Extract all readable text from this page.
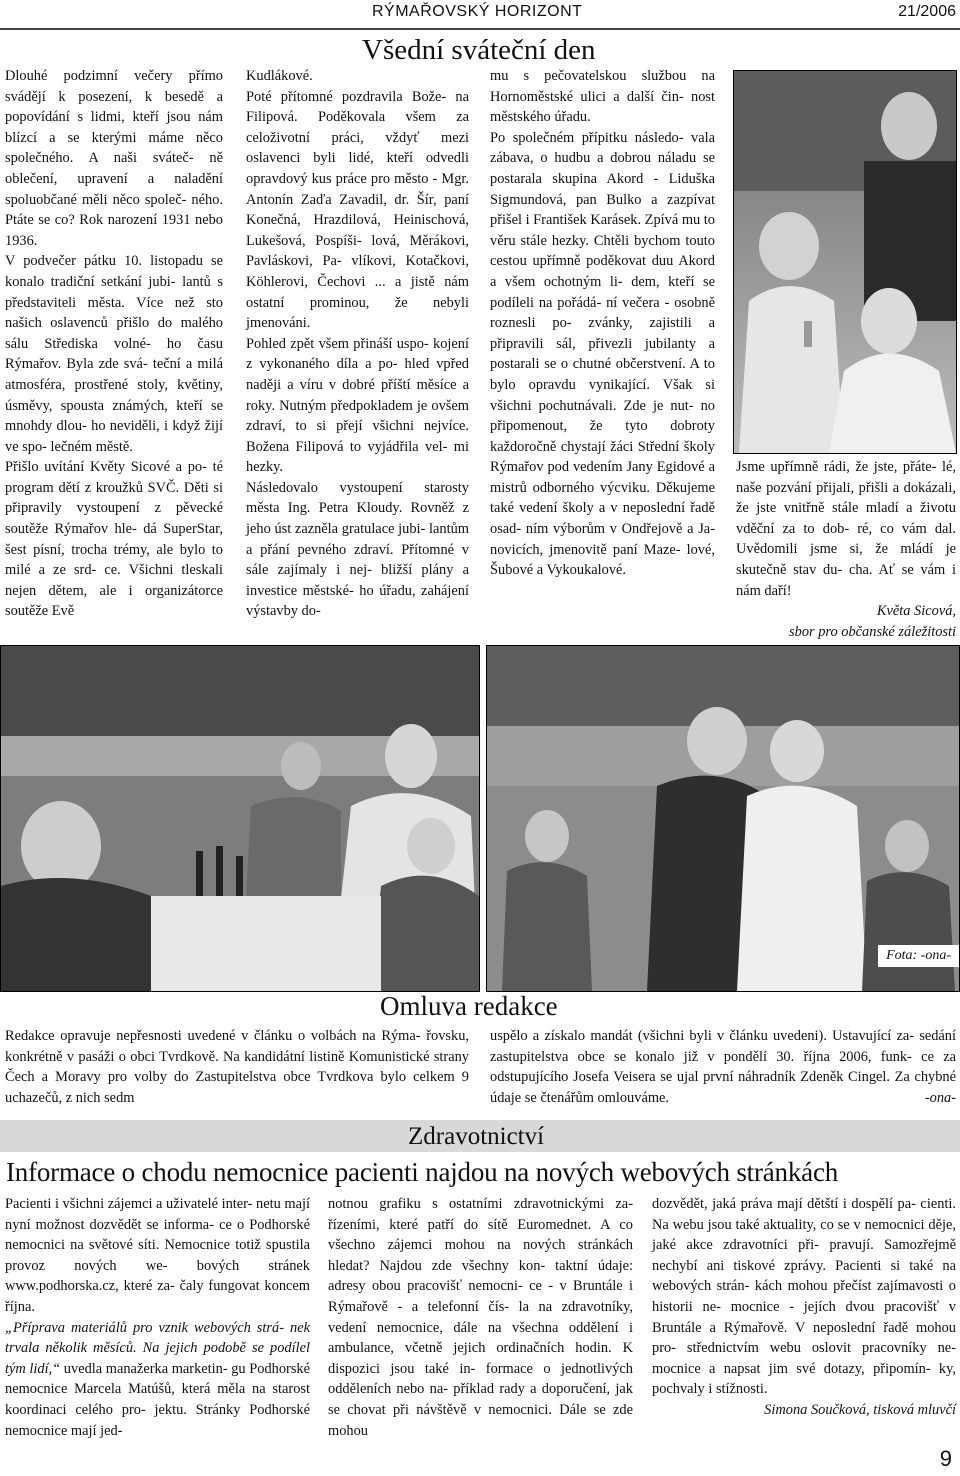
RÝMAŘOVSKÝ HORIZONT	21/2006
Všední sváteční den

Dlouhé podzimní večery přímo svádějí k posezení, k besedě a popovídání s lidmi, kteří jsou nám blízcí a se kterými máme něco společného. A naši sváteč- ně oblečení, upravení a naladění spoluobčané měli něco společ- ného. Ptáte se co? Rok narození 1931 nebo 1936.

V podvečer pátku 10. listopadu se konalo tradiční setkání jubi- lantů s představiteli města. Více než sto našich oslavenců přišlo do malého sálu Střediska volné- ho času Rýmařov. Byla zde svá- teční a milá atmosféra, prostřené stoly, květiny, úsměvy, spousta známých, kteří se mnohdy dlou- ho neviděli, i když žijí ve spo- lečném městě.

Přišlo uvítání Květy Sicové a po- té program dětí z kroužků SVČ. Děti si připravily vystoupení z pěvecké soutěže Rýmařov hle- dá SuperStar, šest písní, trocha trémy, ale bylo to milé a ze srd- ce. Všichni tleskali nejen dětem, ale i organizátorce soutěže Evě

Kudlákové.

Poté přítomné pozdravila Bože- na Filipová. Poděkovala všem za celoživotní práci, vždyť mezi oslavenci byli lidé, kteří odvedli opravdový kus práce pro město - Mgr. Antonín Zaďa Zavadil, dr. Šír, paní Konečná, Hrazdilová, Heinischová, Lukešová, Pospíši- lová, Měrákovi, Pavláskovi, Pa- vlíkovi, Kotačkovi, Köhlerovi, Čechovi ... a jistě nám ostatní prominou, že nebyli jmenováni.

Pohled zpět všem přináší uspo- kojení z vykonaného díla a po- hled vpřed naději a víru v dobré příští měsíce a roky. Nutným předpokladem je ovšem zdraví, to si přejí všichni nejvíce. Božena Filipová to vyjádřila vel- mi hezky.

Následovalo vystoupení starosty města Ing. Petra Kloudy. Rovněž z jeho úst zazněla gratulace jubi- lantům a přání pevného zdraví. Přítomné v sále zajímaly i nej- bližší plány a investice městské- ho úřadu, zahájení výstavby do-

mu s pečovatelskou službou na Hornoměstské ulici a další čin- nost městského úřadu.

Po společném přípitku následo- vala zábava, o hudbu a dobrou náladu se postarala skupina Akord - Liduška Sigmundová, pan Bulko a zazpívat přišel i František Karásek. Zpívá mu to věru stále hezky. Chtěli bychom touto cestou upřímně poděkovat duu Akord a všem ochotným li- dem, kteří se podíleli na pořádá- ní večera - osobně roznesli po- zvánky, zajistili a připravili sál, přivezli jubilanty a postarali se o chutné občerstvení. A to bylo opravdu vynikající. Však si všichni pochutnávali. Zde je nut- no připomenout, že tyto dobroty každoročně chystají žáci Střední školy Rýmařov pod vedením Jany Egidové a mistrů odborného výcviku. Děkujeme také vedení školy a v neposlední řadě osad- ním výborům v Ondřejově a Ja- novicích, jmenovitě paní Maze- lové, Šubové a Vykoukalové.

Jsme upřímně rádi, že jste, přáte- lé, naše pozvání přijali, přišli a dokázali, že jste vnitřně stále mladí a životu vděční za to dob- ré, co vám dal. Uvědomili jsme si, že mládí je skutečně stav du- cha. Ať se vám i nám daří!

Květa Sicová,

sbor pro občanské záležitosti

Fota: -ona-
Omluva redakce

Redakce opravuje nepřesnosti uvedené v článku o volbách na Rýma- řovsku, konkrétně v pasáži o obci Tvrdkově. Na kandidátní listině Komunistické strany Čech a Moravy pro volby do Zastupitelstva obce Tvrdkova bylo celkem 9 uchazečů, z nich sedm

uspělo a získalo mandát (všichni byli v článku uvedeni). Ustavující za- sedání zastupitelstva obce se konalo již v pondělí 30. října 2006, funk- ce za odstupujícího Josefa Veisera se ujal první náhradník Zdeněk Cingel. Za chybné údaje se čtenářům omlouváme.	-ona-

Zdravotnictví
Informace o chodu nemocnice pacienti najdou na nových webových stránkách

Pacienti i všichni zájemci a uživatelé inter- netu mají nyní možnost dozvědět se informa- ce o Podhorské nemocnici na světové síti. Nemocnice totiž spustila provoz nových we- bových stránek www.podhorska.cz, které za- čaly fungovat koncem října.

„Příprava materiálů pro vznik webových strá- nek trvala několik měsíců. Na jejich podobě se podílel tým lidí,“ uvedla manažerka marketin- gu Podhorské nemocnice Marcela Matúšů, která měla na starost koordinaci celého pro- jektu. Stránky Podhorské nemocnice mají jed-

notnou grafiku s ostatními zdravotnickými za- řízeními, které patří do sítě Euromednet. A co všechno zájemci mohou na nových stránkách hledat? Najdou zde všechny kon- taktní údaje: adresy obou pracovišť nemocni- ce - v Bruntále i Rýmařově - a telefonní čís- la na zdravotníky, vedení nemocnice, dále na všechna oddělení i ambulance, včetně jejich ordinačních hodin. K dispozici jsou také in- formace o jednotlivých odděleních nebo na- příklad rady a doporučení, jak se chovat při návštěvě v nemocnici. Dále se zde mohou

dozvědět, jaká práva mají dětští i dospělí pa- cienti. Na webu jsou také aktuality, co se v nemocnici děje, jaké akce zdravotníci při- pravují. Samozřejmě nechybí ani tiskové zprávy. Pacienti si také na webových strán- kách mohou přečíst zajímavosti o historii ne- mocnice - jejích dvou pracovišť v Bruntále a Rýmařově. V neposlední řadě mohou pro- střednictvím webu oslovit pracovníky ne- mocnice a napsat jim své dotazy, připomín- ky, pochvaly i stížnosti.

Simona Součková, tisková mluvčí

9
